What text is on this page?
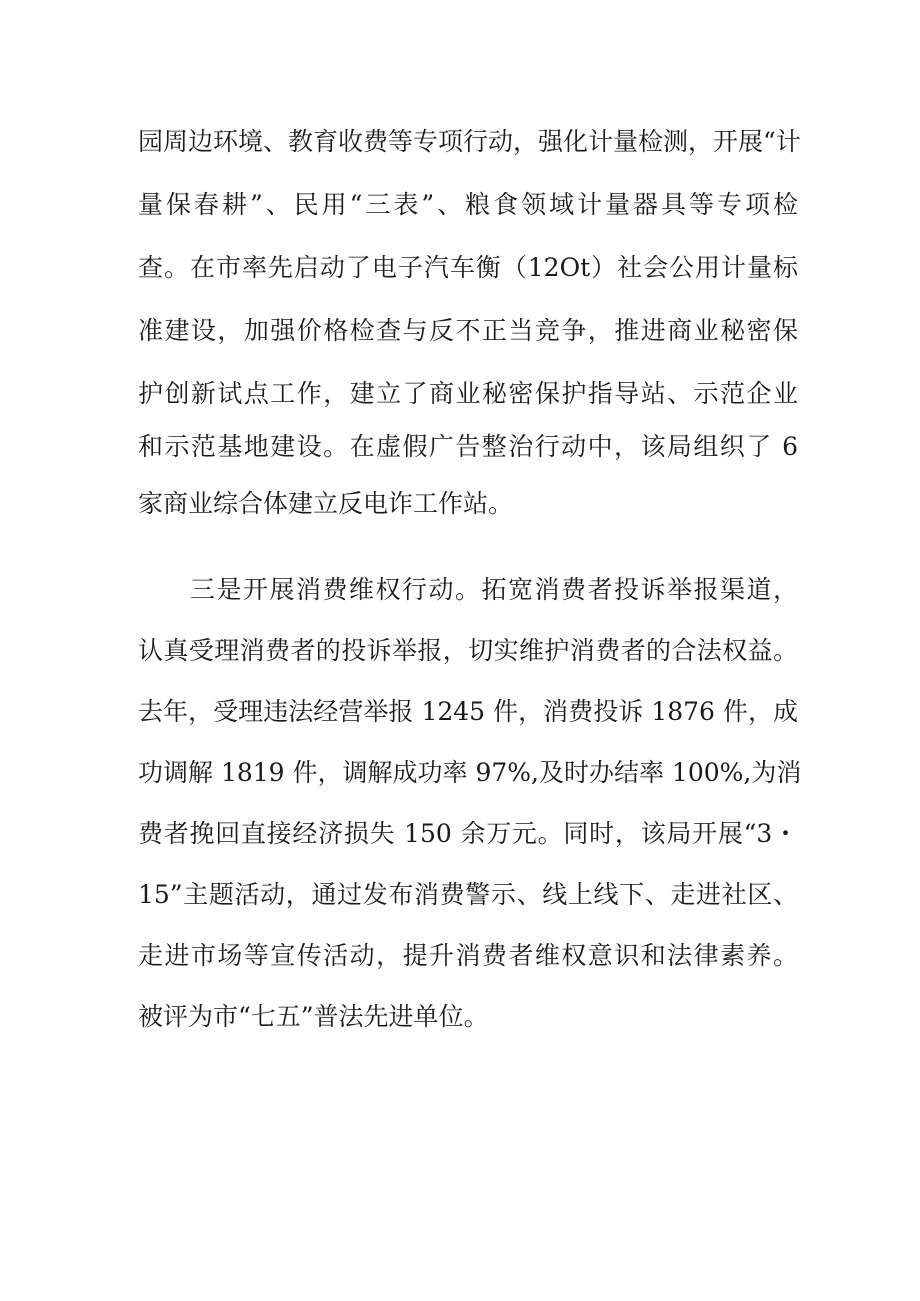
园周边环境、教育收费等专项行动，强化计量检测，开展“计
量保春耕”、民用“三表”、粮食领域计量器具等专项检
查。在市率先启动了电子汽车衡（12Ot）社会公用计量标
准建设，加强价格检查与反不正当竞争，推进商业秘密保
护创新试点工作，建立了商业秘密保护指导站、示范企业
和示范基地建设。在虚假广告整治行动中，该局组织了 6
家商业综合体建立反电诈工作站。
三是开展消费维权行动。拓宽消费者投诉举报渠道，
认真受理消费者的投诉举报，切实维护消费者的合法权益。
去年，受理违法经营举报 1245 件，消费投诉 1876 件，成
功调解 1819 件，调解成功率 97%,及时办结率 100%,为消
费者挽回直接经济损失 150 余万元。同时，该局开展“3・
15”主题活动，通过发布消费警示、线上线下、走进社区、
走进市场等宣传活动，提升消费者维权意识和法律素养。
被评为市“七五”普法先进单位。
